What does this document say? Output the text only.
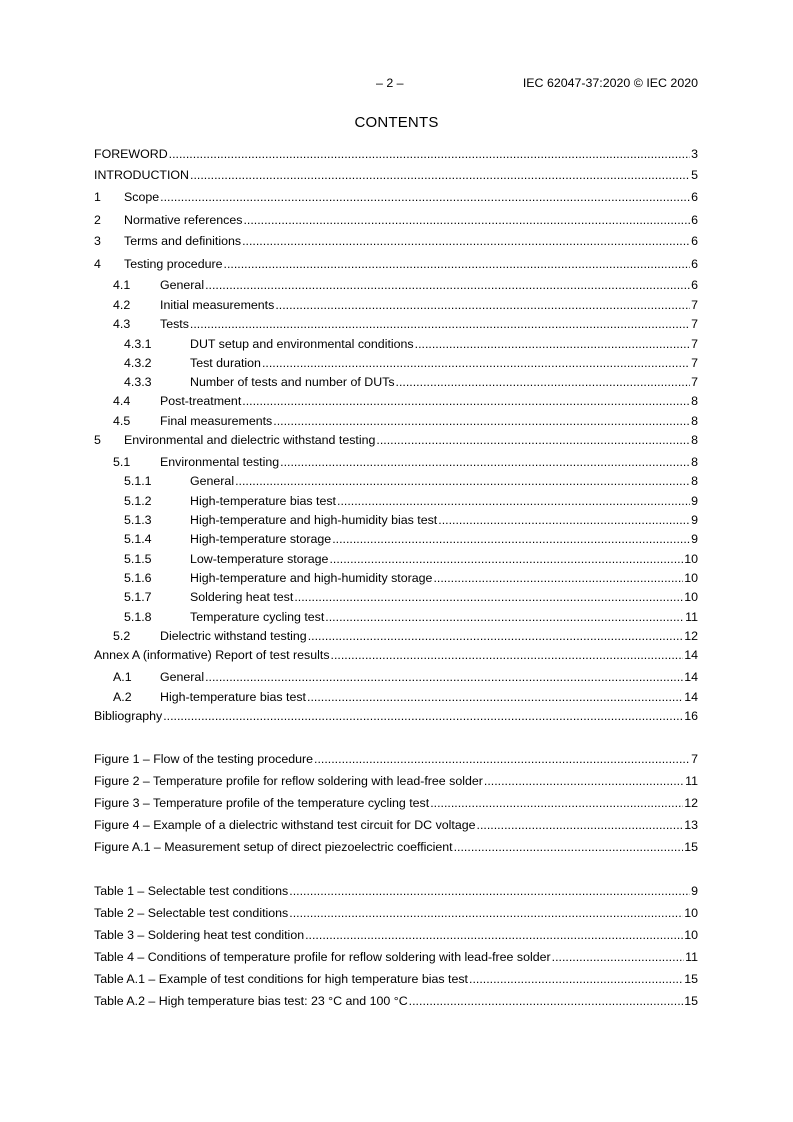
– 2 –	IEC 62047-37:2020 © IEC 2020
CONTENTS
FOREWORD .....	3
INTRODUCTION .....	5
1	Scope .....	6
2	Normative references .....	6
3	Terms and definitions .....	6
4	Testing procedure .....	6
4.1	General .....	6
4.2	Initial measurements .....	7
4.3	Tests .....	7
4.3.1	DUT setup and environmental conditions .....	7
4.3.2	Test duration .....	7
4.3.3	Number of tests and number of DUTs .....	7
4.4	Post-treatment .....	8
4.5	Final measurements .....	8
5	Environmental and dielectric withstand testing .....	8
5.1	Environmental testing .....	8
5.1.1	General .....	8
5.1.2	High-temperature bias test .....	9
5.1.3	High-temperature and high-humidity bias test .....	9
5.1.4	High-temperature storage .....	9
5.1.5	Low-temperature storage .....	10
5.1.6	High-temperature and high-humidity storage .....	10
5.1.7	Soldering heat test .....	10
5.1.8	Temperature cycling test .....	11
5.2	Dielectric withstand testing .....	12
Annex A (informative) Report of test results .....	14
A.1	General .....	14
A.2	High-temperature bias test .....	14
Bibliography .....	16
Figure 1 – Flow of the testing procedure .....	7
Figure 2 – Temperature profile for reflow soldering with lead-free solder .....	11
Figure 3 – Temperature profile of the temperature cycling test .....	12
Figure 4 – Example of a dielectric withstand test circuit for DC voltage .....	13
Figure A.1 – Measurement setup of direct piezoelectric coefficient .....	15
Table 1 – Selectable test conditions .....	9
Table 2 – Selectable test conditions .....	10
Table 3 – Soldering heat test condition .....	10
Table 4 – Conditions of temperature profile for reflow soldering with lead-free solder .....	11
Table A.1 – Example of test conditions for high temperature bias test .....	15
Table A.2 – High temperature bias test: 23 °C and 100 °C .....	15
